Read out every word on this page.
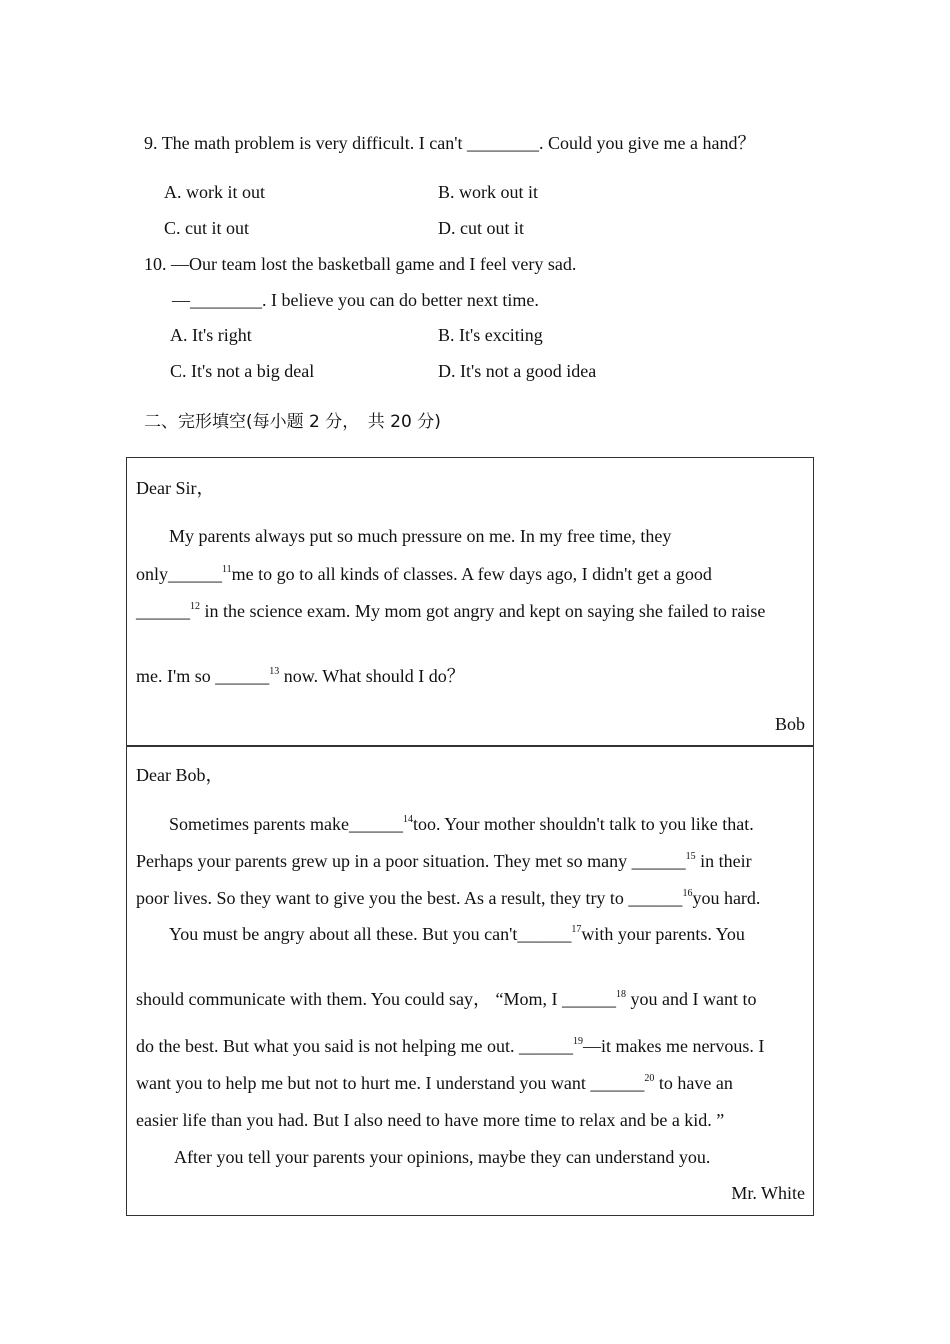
9. The math problem is very difficult. I can't ________. Could you give me a hand？
A. work it out	B. work out it
C. cut it out	D. cut out it
10. —Our team lost the basketball game and I feel very sad.
—________. I believe you can do better next time.
A. It's right	B. It's exciting
C. It's not a big deal	D. It's not a good idea
二、完形填空(每小题 2 分，　共 20 分)
Dear Sir，
My parents always put so much pressure on me. In my free time, they
only______$^{11}$me to go to all kinds of classes. A few days ago, I didn't get a good
______$^{12}$ in the science exam. My mom got angry and kept on saying she failed to raise
me. I'm so ______$^{13}$ now. What should I do？
Bob
Dear Bob，
Sometimes parents make______$^{14}$too. Your mother shouldn't talk to you like that.
Perhaps your parents grew up in a poor situation. They met so many ______$^{15}$ in their
poor lives. So they want to give you the best. As a result, they try to ______$^{16}$you hard.
You must be angry about all these. But you can't______$^{17}$with your parents. You
should communicate with them. You could say， “Mom, I ______$^{18}$ you and I want to
do the best. But what you said is not helping me out. ______$^{19}$—it makes me nervous. I
want you to help me but not to hurt me. I understand you want ______$^{20}$ to have an
easier life than you had. But I also need to have more time to relax and be a kid. ”
After you tell your parents your opinions, maybe they can understand you.
Mr. White
